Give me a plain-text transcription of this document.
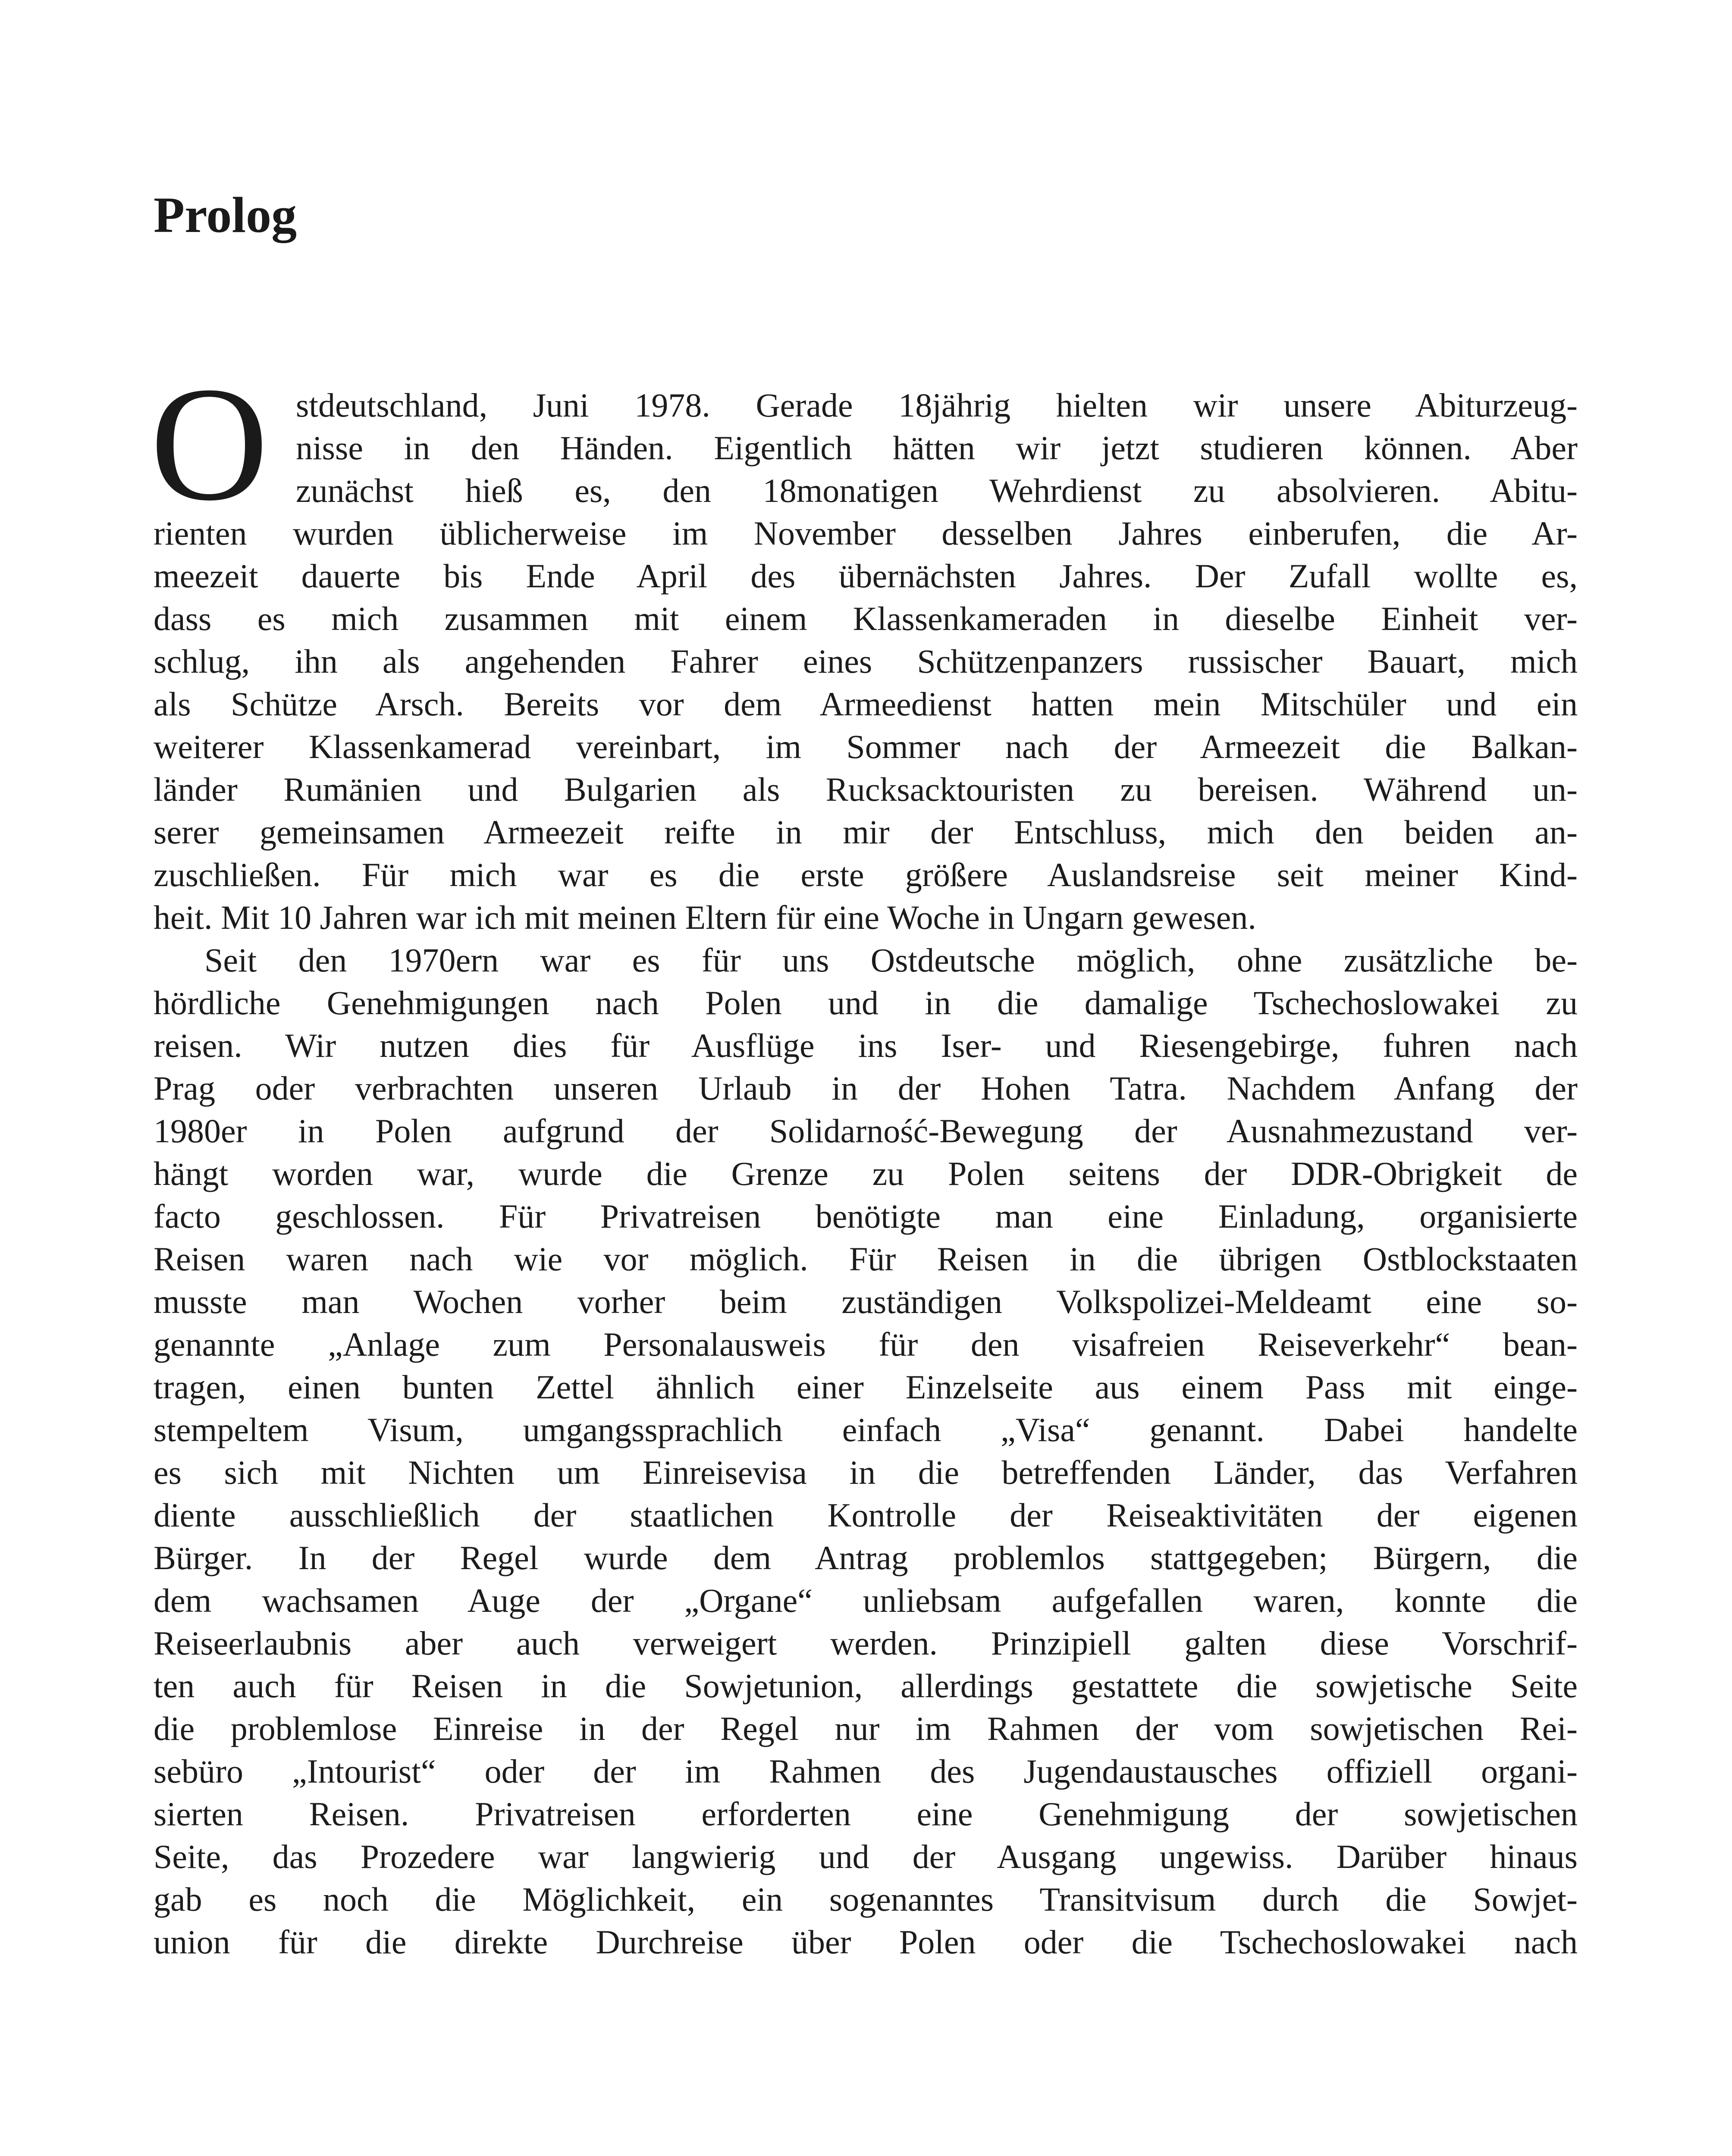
Prolog
O stdeutschland, Juni 1978. Gerade 18jährig hielten wir unsere Abiturzeug-
nisse in den Händen. Eigentlich hätten wir jetzt studieren können. Aber
zunächst hieß es, den 18monatigen Wehrdienst zu absolvieren. Abitu-
rienten wurden üblicherweise im November desselben Jahres einberufen, die Ar-
meezeit dauerte bis Ende April des übernächsten Jahres. Der Zufall wollte es,
dass es mich zusammen mit einem Klassenkameraden in dieselbe Einheit ver-
schlug, ihn als angehenden Fahrer eines Schützenpanzers russischer Bauart, mich
als Schütze Arsch. Bereits vor dem Armeedienst hatten mein Mitschüler und ein
weiterer Klassenkamerad vereinbart, im Sommer nach der Armeezeit die Balkan-
länder Rumänien und Bulgarien als Rucksacktouristen zu bereisen. Während un-
serer gemeinsamen Armeezeit reifte in mir der Entschluss, mich den beiden an-
zuschließen. Für mich war es die erste größere Auslandsreise seit meiner Kind-
heit. Mit 10 Jahren war ich mit meinen Eltern für eine Woche in Ungarn gewesen.
Seit den 1970ern war es für uns Ostdeutsche möglich, ohne zusätzliche be-
hördliche Genehmigungen nach Polen und in die damalige Tschechoslowakei zu
reisen. Wir nutzen dies für Ausflüge ins Iser- und Riesengebirge, fuhren nach
Prag oder verbrachten unseren Urlaub in der Hohen Tatra. Nachdem Anfang der
1980er in Polen aufgrund der Solidarność-Bewegung der Ausnahmezustand ver-
hängt worden war, wurde die Grenze zu Polen seitens der DDR-Obrigkeit de
facto geschlossen. Für Privatreisen benötigte man eine Einladung, organisierte
Reisen waren nach wie vor möglich. Für Reisen in die übrigen Ostblockstaaten
musste man Wochen vorher beim zuständigen Volkspolizei-Meldeamt eine so-
genannte „Anlage zum Personalausweis für den visafreien Reiseverkehr“ bean-
tragen, einen bunten Zettel ähnlich einer Einzelseite aus einem Pass mit einge-
stempeltem Visum, umgangssprachlich einfach „Visa“ genannt. Dabei handelte
es sich mit Nichten um Einreisevisa in die betreffenden Länder, das Verfahren
diente ausschließlich der staatlichen Kontrolle der Reiseaktivitäten der eigenen
Bürger. In der Regel wurde dem Antrag problemlos stattgegeben; Bürgern, die
dem wachsamen Auge der „Organe“ unliebsam aufgefallen waren, konnte die
Reiseerlaubnis aber auch verweigert werden. Prinzipiell galten diese Vorschrif-
ten auch für Reisen in die Sowjetunion, allerdings gestattete die sowjetische Seite
die problemlose Einreise in der Regel nur im Rahmen der vom sowjetischen Rei-
sebüro „Intourist“ oder der im Rahmen des Jugendaustausches offiziell organi-
sierten Reisen. Privatreisen erforderten eine Genehmigung der sowjetischen
Seite, das Prozedere war langwierig und der Ausgang ungewiss. Darüber hinaus
gab es noch die Möglichkeit, ein sogenanntes Transitvisum durch die Sowjet-
union für die direkte Durchreise über Polen oder die Tschechoslowakei nach
